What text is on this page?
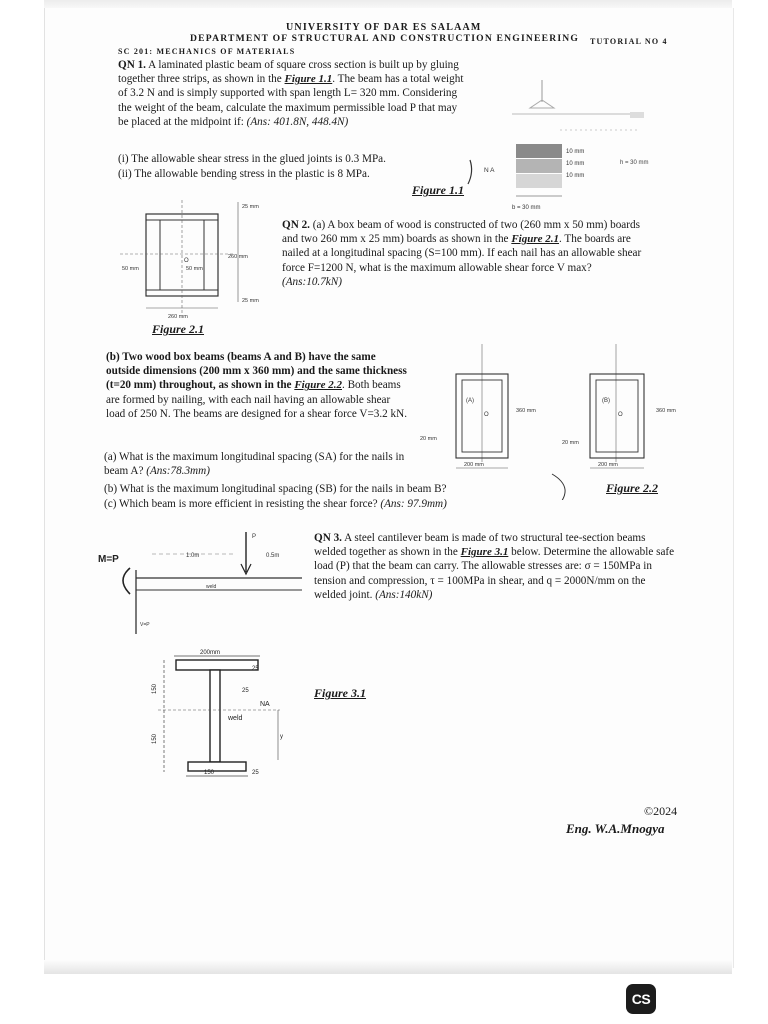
UNIVERSITY OF DAR ES SALAAM
DEPARTMENT OF STRUCTURAL AND CONSTRUCTION ENGINEERING
SC 201: MECHANICS OF MATERIALS
TUTORIAL NO 4
QN 1. A laminated plastic beam of square cross section is built up by gluing together three strips, as shown in the Figure 1.1. The beam has a total weight of 3.2 N and is simply supported with span length L= 320 mm. Considering the weight of the beam, calculate the maximum permissible load P that may be placed at the midpoint if: (Ans: 401.8N, 448.4N)
(i) The allowable shear stress in the glued joints is 0.3 MPa.
(ii) The allowable bending stress in the plastic is 8 MPa.
Figure 1.1
N A
10 mm
10 mm
10 mm
h = 30 mm
b = 30 mm
O
25 mm
260 mm
25 mm
50 mm	50 mm
260 mm
Figure 2.1
QN 2. (a) A box beam of wood is constructed of two (260 mm x 50 mm) boards and two 260 mm x 25 mm) boards as shown in the Figure 2.1. The boards are nailed at a longitudinal spacing (S=100 mm). If each nail has an allowable shear force F=1200 N, what is the maximum allowable shear force V max? (Ans:10.7kN)
(b) Two wood box beams (beams A and B) have the same outside dimensions (200 mm x 360 mm) and the same thickness (t=20 mm) throughout, as shown in the Figure 2.2. Both beams are formed by nailing, with each nail having an allowable shear load of 250 N. The beams are designed for a shear force V=3.2 kN.
(a) What is the maximum longitudinal spacing (SA) for the nails in beam A? (Ans:78.3mm)
(b) What is the maximum longitudinal spacing (SB) for the nails in beam B?
(c) Which beam is more efficient in resisting the shear force? (Ans: 97.9mm)
(A)
O
360 mm
20 mm
200 mm
(B)
O
360 mm
20 mm
200 mm
Figure 2.2
M=P	1.0m	0.5m
P
weld
V=P
200mm
25
25
weld
NA
150
150	y
150	25
QN 3. A steel cantilever beam is made of two structural tee-section beams welded together as shown in the Figure 3.1 below. Determine the allowable safe load (P) that the beam can carry. The allowable stresses are: σ = 150MPa in tension and compression, τ = 100MPa in shear, and q = 2000N/mm on the welded joint. (Ans:140kN)
Figure 3.1
©2024
Eng. W.A.Mnogya
CS
